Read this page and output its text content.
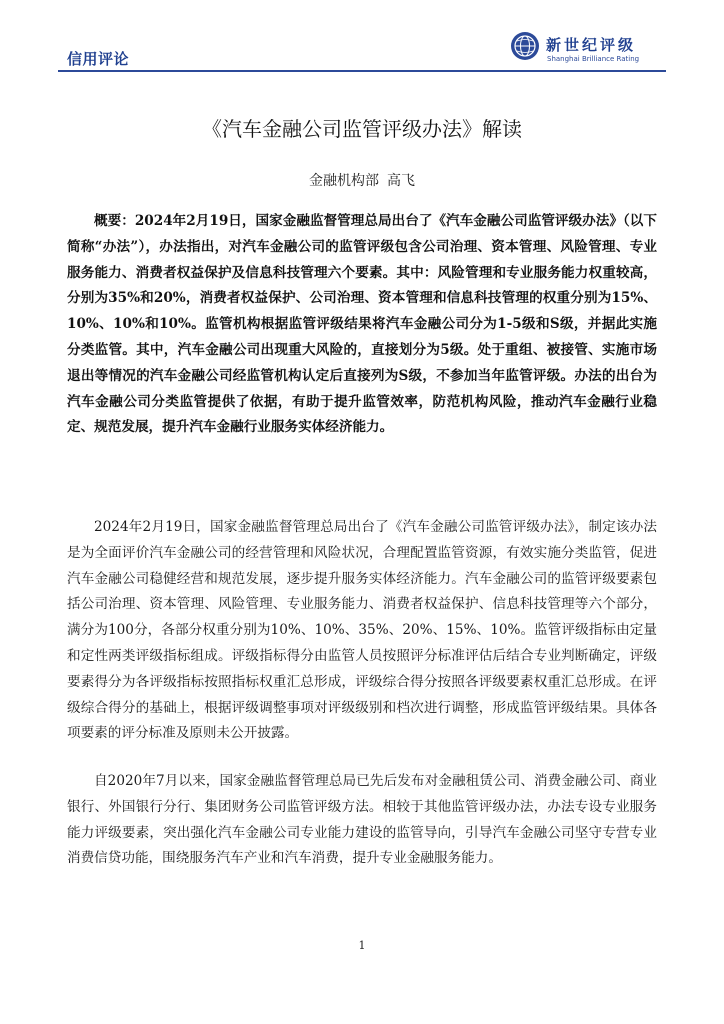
信用评论
新世纪评级
Shanghai Brilliance Rating
《汽车金融公司监管评级办法》解读
金融机构部 高飞

概要：2024年2月19日，国家金融监督管理总局出台了《汽车金融公司监管评级办法》（以下简称“办法”），办法指出，对汽车金融公司的监管评级包含公司治理、资本管理、风险管理、专业服务能力、消费者权益保护及信息科技管理六个要素。其中：风险管理和专业服务能力权重较高，分别为35%和20%，消费者权益保护、公司治理、资本管理和信息科技管理的权重分别为15%、10%、10%和10%。监管机构根据监管评级结果将汽车金融公司分为1-5级和S级，并据此实施分类监管。其中，汽车金融公司出现重大风险的，直接划分为5级。处于重组、被接管、实施市场退出等情况的汽车金融公司经监管机构认定后直接列为S级，不参加当年监管评级。办法的出台为汽车金融公司分类监管提供了依据，有助于提升监管效率，防范机构风险，推动汽车金融行业稳定、规范发展，提升汽车金融行业服务实体经济能力。

2024年2月19日，国家金融监督管理总局出台了《汽车金融公司监管评级办法》，制定该办法是为全面评价汽车金融公司的经营管理和风险状况，合理配置监管资源，有效实施分类监管，促进汽车金融公司稳健经营和规范发展，逐步提升服务实体经济能力。汽车金融公司的监管评级要素包括公司治理、资本管理、风险管理、专业服务能力、消费者权益保护、信息科技管理等六个部分，满分为100分，各部分权重分别为10%、10%、35%、20%、15%、10%。监管评级指标由定量和定性两类评级指标组成。评级指标得分由监管人员按照评分标准评估后结合专业判断确定，评级要素得分为各评级指标按照指标权重汇总形成，评级综合得分按照各评级要素权重汇总形成。在评级综合得分的基础上，根据评级调整事项对评级级别和档次进行调整，形成监管评级结果。具体各项要素的评分标准及原则未公开披露。

自2020年7月以来，国家金融监督管理总局已先后发布对金融租赁公司、消费金融公司、商业银行、外国银行分行、集团财务公司监管评级方法。相较于其他监管评级办法，办法专设专业服务能力评级要素，突出强化汽车金融公司专业能力建设的监管导向，引导汽车金融公司坚守专营专业消费信贷功能，围绕服务汽车产业和汽车消费，提升专业金融服务能力。

1
